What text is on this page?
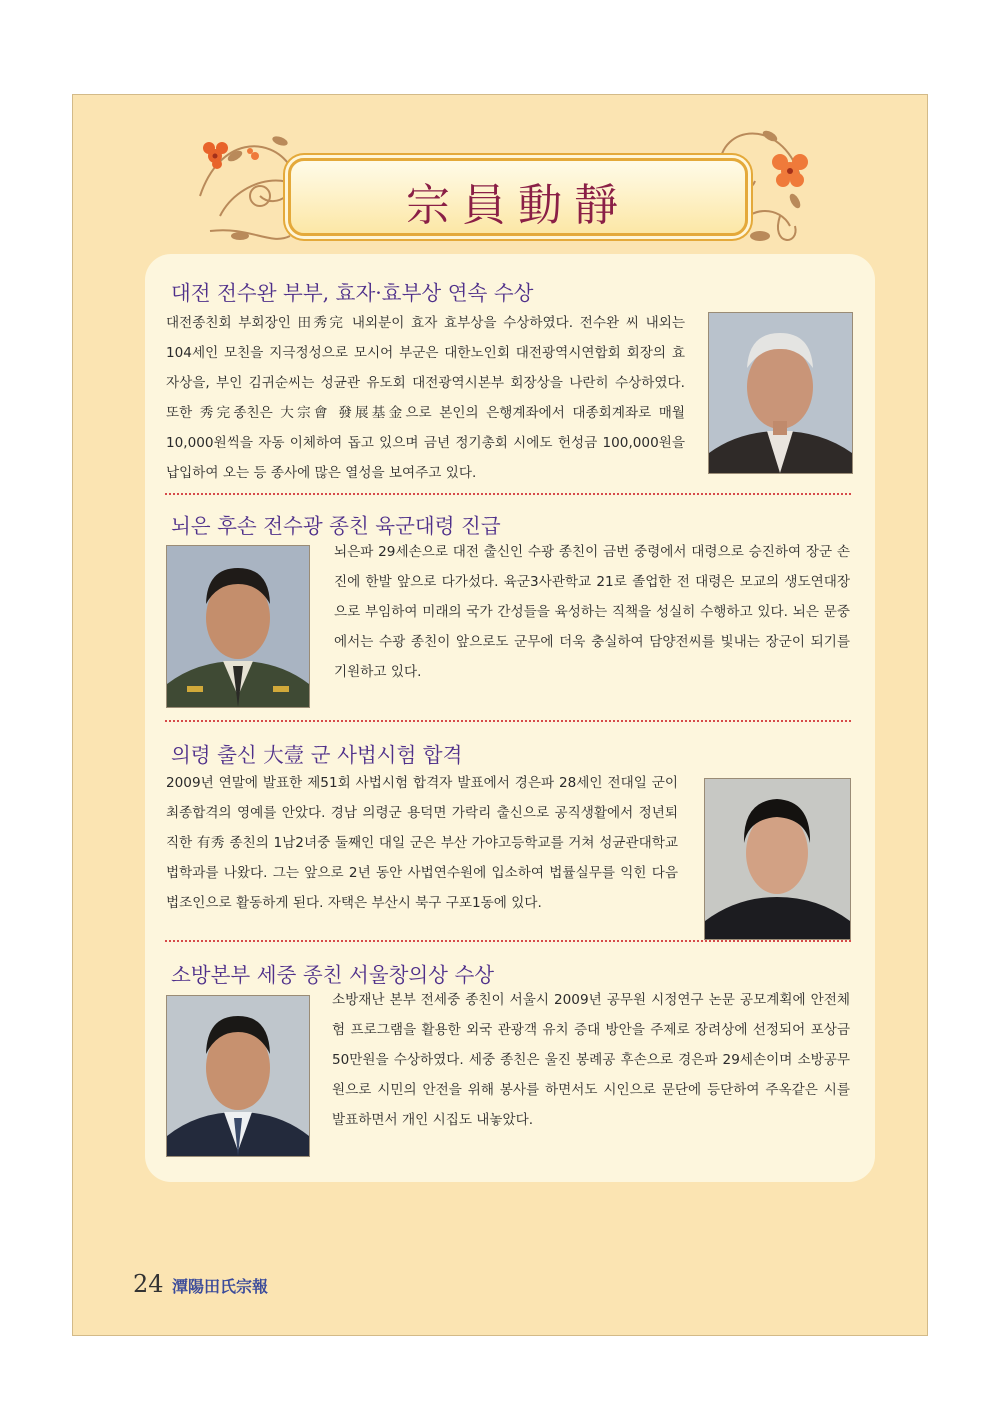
宗員動靜
대전 전수완 부부, 효자·효부상 연속 수상

대전종친회 부회장인 田秀完 내외분이 효자 효부상을 수상하였다. 전수완 씨 내외는 104세인 모친을 지극정성으로 모시어 부군은 대한노인회 대전광역시연합회 회장의 효자상을, 부인 김귀순씨는 성균관 유도회 대전광역시본부 회장상을 나란히 수상하였다. 또한 秀完종친은 大宗會 發展基金으로 본인의 은행계좌에서 대종회계좌로 매월 10,000원씩을 자동 이체하여 돕고 있으며 금년 정기총회 시에도 헌성금 100,000원을 납입하여 오는 등 종사에 많은 열성을 보여주고 있다.

뇌은 후손 전수광 종친 육군대령 진급

뇌은파 29세손으로 대전 출신인 수광 종친이 금번 중령에서 대령으로 승진하여 장군 손진에 한발 앞으로 다가섰다. 육군3사관학교 21로 졸업한 전 대령은 모교의 생도연대장으로 부임하여 미래의 국가 간성들을 육성하는 직책을 성실히 수행하고 있다. 뇌은 문중에서는 수광 종친이 앞으로도 군무에 더욱 충실하여 담양전씨를 빛내는 장군이 되기를 기원하고 있다.

의령 출신 大壹 군 사법시험 합격

2009년 연말에 발표한 제51회 사법시험 합격자 발표에서 경은파 28세인 전대일 군이 최종합격의 영예를 안았다. 경남 의령군 용덕면 가락리 출신으로 공직생활에서 정년퇴직한 有秀 종친의 1남2녀중 둘째인 대일 군은 부산 가야고등학교를 거쳐 성균관대학교 법학과를 나왔다. 그는 앞으로 2년 동안 사법연수원에 입소하여 법률실무를 익힌 다음 법조인으로 활동하게 된다. 자택은 부산시 북구 구포1동에 있다.

소방본부 세중 종친 서울창의상 수상

소방재난 본부 전세중 종친이 서울시 2009년 공무원 시정연구 논문 공모계획에 안전체험 프로그램을 활용한 외국 관광객 유치 증대 방안을 주제로 장려상에 선정되어 포상금 50만원을 수상하였다. 세중 종친은 울진 봉례공 후손으로 경은파 29세손이며 소방공무원으로 시민의 안전을 위해 봉사를 하면서도 시인으로 문단에 등단하여 주옥같은 시를 발표하면서 개인 시집도 내놓았다.

24 潭陽田氏宗報
